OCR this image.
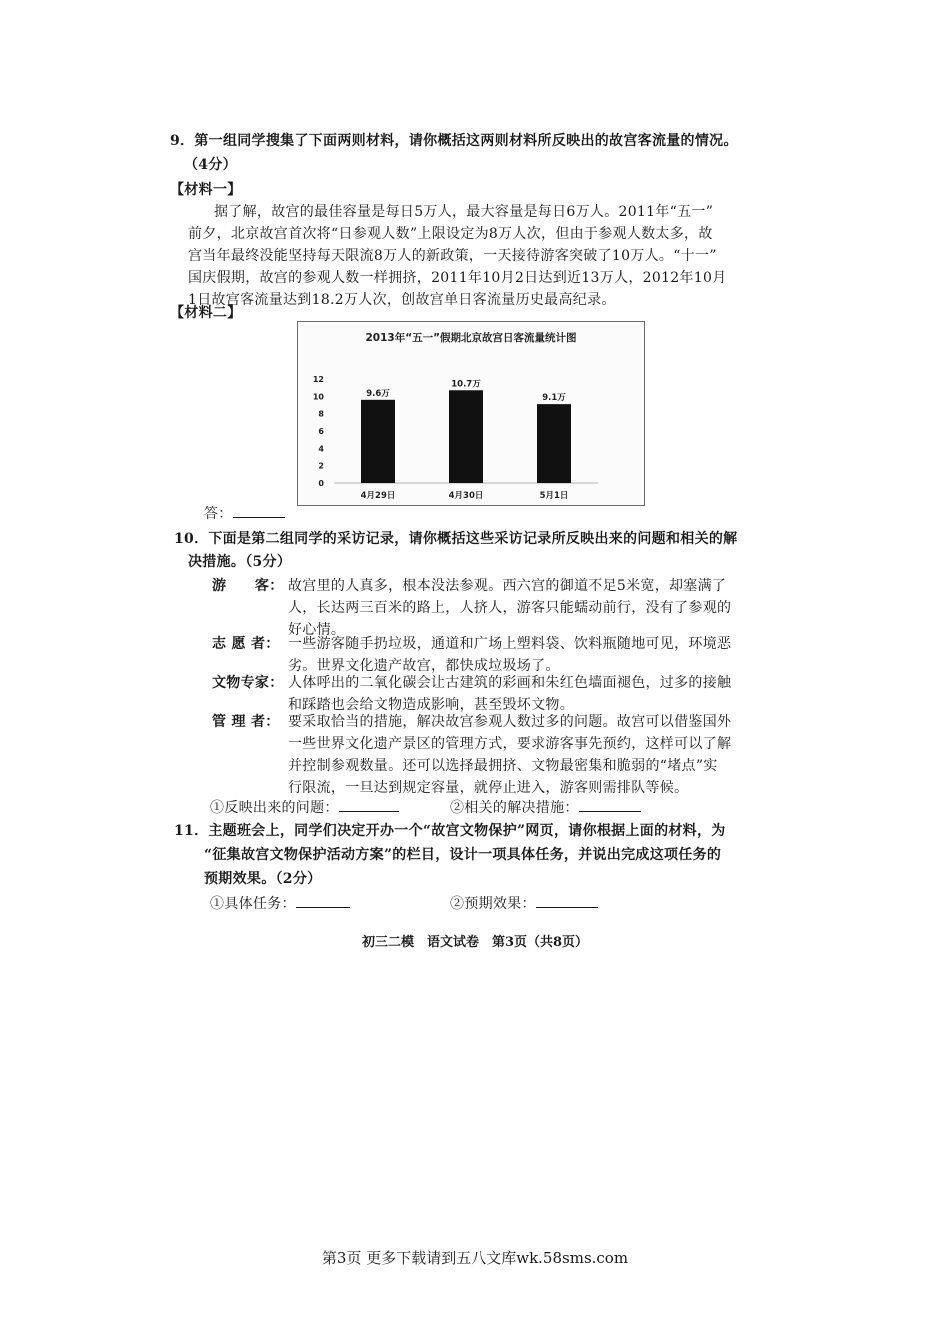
9．第一组同学搜集了下面两则材料，请你概括这两则材料所反映出的故宫客流量的情况。
（4分）
【材料一】
据了解，故宫的最佳容量是每日5万人，最大容量是每日6万人。2011年“五一”
前夕，北京故宫首次将“日参观人数”上限设定为8万人次，但由于参观人数太多，故
宫当年最终没能坚持每天限流8万人的新政策，一天接待游客突破了10万人。“十一”
国庆假期，故宫的参观人数一样拥挤，2011年10月2日达到近13万人，2012年10月
1日故宫客流量达到18.2万人次，创故宫单日客流量历史最高纪录。
【材料二】
2013年“五一”假期北京故宫日客流量统计图
0
2
4
6
8
10
12
9.6万
4月29日
10.7万
4月30日
9.1万
5月1日
答：
10．下面是第二组同学的采访记录，请你概括这些采访记录所反映出来的问题和相关的解
决措施。（5分）
游　　客： 故宫里的人真多，根本没法参观。西六宫的御道不足5米宽，却塞满了
人，长达两三百米的路上，人挤人，游客只能蠕动前行，没有了参观的
好心情。
志 愿 者： 一些游客随手扔垃圾，通道和广场上塑料袋、饮料瓶随地可见，环境恶
劣。世界文化遗产故宫，都快成垃圾场了。
文物专家： 人体呼出的二氧化碳会让古建筑的彩画和朱红色墙面褪色，过多的接触
和踩踏也会给文物造成影响，甚至毁坏文物。
管 理 者： 要采取恰当的措施，解决故宫参观人数过多的问题。故宫可以借鉴国外
一些世界文化遗产景区的管理方式，要求游客事先预约，这样可以了解
并控制参观数量。还可以选择最拥挤、文物最密集和脆弱的“堵点”实
行限流，一旦达到规定容量，就停止进入，游客则需排队等候。
①反映出来的问题：	②相关的解决措施：
11．主题班会上，同学们决定开办一个“故宫文物保护”网页，请你根据上面的材料，为
“征集故宫文物保护活动方案”的栏目，设计一项具体任务，并说出完成这项任务的
预期效果。（2分）
①具体任务：	②预期效果：
初三二模　语文试卷　第3页（共8页）
第3页 更多下载请到五八文库wk.58sms.com
